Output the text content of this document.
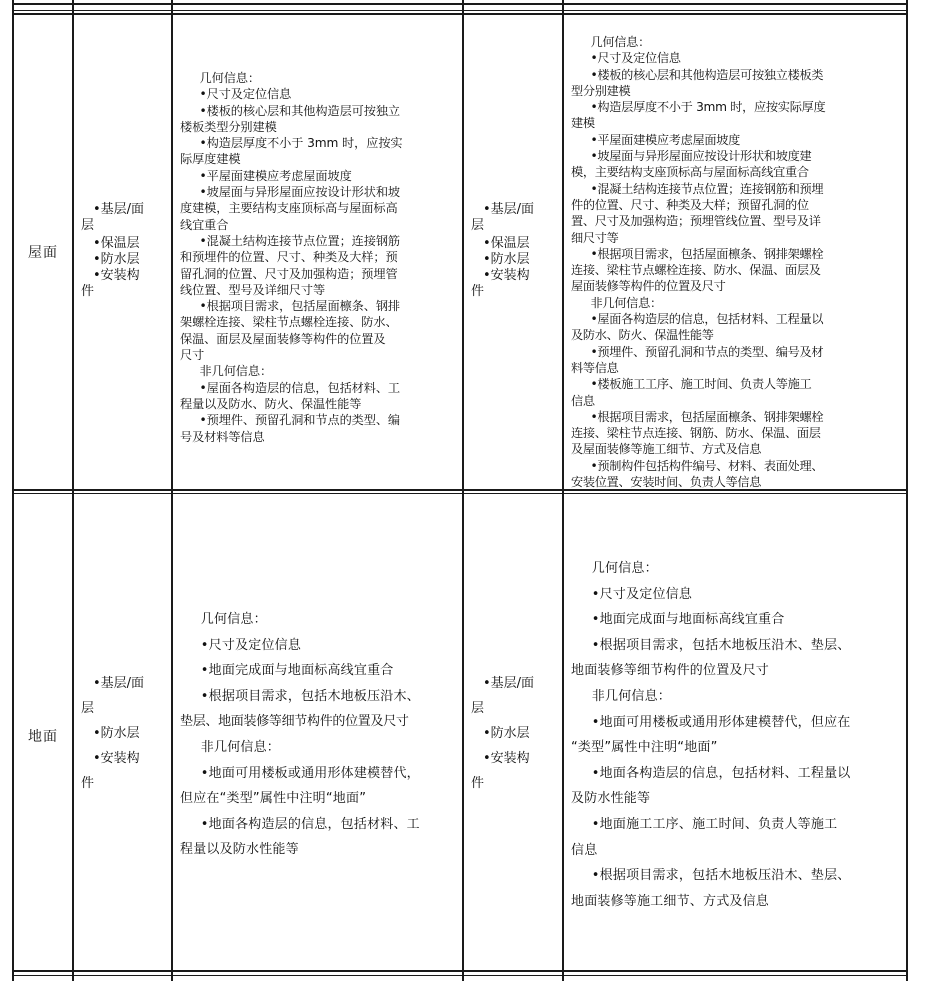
屋面
•基层/面
层
•保温层
•防水层
•安装构
件
几何信息：
•尺寸及定位信息
•楼板的核心层和其他构造层可按独立
楼板类型分别建模
•构造层厚度不小于 3mm 时，应按实
际厚度建模
•平屋面建模应考虑屋面坡度
•坡屋面与异形屋面应按设计形状和坡
度建模，主要结构支座顶标高与屋面标高
线宜重合
•混凝土结构连接节点位置；连接钢筋
和预埋件的位置、尺寸、种类及大样；预
留孔洞的位置、尺寸及加强构造；预埋管
线位置、型号及详细尺寸等
•根据项目需求，包括屋面檩条、钢排
架螺栓连接、梁柱节点螺栓连接、防水、
保温、面层及屋面装修等构件的位置及
尺寸
非几何信息：
•屋面各构造层的信息，包括材料、工
程量以及防水、防火、保温性能等
•预埋件、预留孔洞和节点的类型、编
号及材料等信息
•基层/面
层
•保温层
•防水层
•安装构
件
几何信息：
•尺寸及定位信息
•楼板的核心层和其他构造层可按独立楼板类
型分别建模
•构造层厚度不小于 3mm 时，应按实际厚度
建模
•平屋面建模应考虑屋面坡度
•坡屋面与异形屋面应按设计形状和坡度建
模，主要结构支座顶标高与屋面标高线宜重合
•混凝土结构连接节点位置；连接钢筋和预埋
件的位置、尺寸、种类及大样；预留孔洞的位
置、尺寸及加强构造；预埋管线位置、型号及详
细尺寸等
•根据项目需求，包括屋面檩条、钢排架螺栓
连接、梁柱节点螺栓连接、防水、保温、面层及
屋面装修等构件的位置及尺寸
非几何信息：
•屋面各构造层的信息，包括材料、工程量以
及防水、防火、保温性能等
•预埋件、预留孔洞和节点的类型、编号及材
料等信息
•楼板施工工序、施工时间、负责人等施工
信息
•根据项目需求，包括屋面檩条、钢排架螺栓
连接、梁柱节点连接、钢筋、防水、保温、面层
及屋面装修等施工细节、方式及信息
•预制构件包括构件编号、材料、表面处理、
安装位置、安装时间、负责人等信息
地面
•基层/面
层
•防水层
•安装构
件
几何信息：
•尺寸及定位信息
•地面完成面与地面标高线宜重合
•根据项目需求，包括木地板压沿木、
垫层、地面装修等细节构件的位置及尺寸
非几何信息：
•地面可用楼板或通用形体建模替代，
但应在“类型”属性中注明“地面”
•地面各构造层的信息，包括材料、工
程量以及防水性能等
•基层/面
层
•防水层
•安装构
件
几何信息：
•尺寸及定位信息
•地面完成面与地面标高线宜重合
•根据项目需求，包括木地板压沿木、垫层、
地面装修等细节构件的位置及尺寸
非几何信息：
•地面可用楼板或通用形体建模替代，但应在
“类型”属性中注明“地面”
•地面各构造层的信息，包括材料、工程量以
及防水性能等
•地面施工工序、施工时间、负责人等施工
信息
•根据项目需求，包括木地板压沿木、垫层、
地面装修等施工细节、方式及信息
